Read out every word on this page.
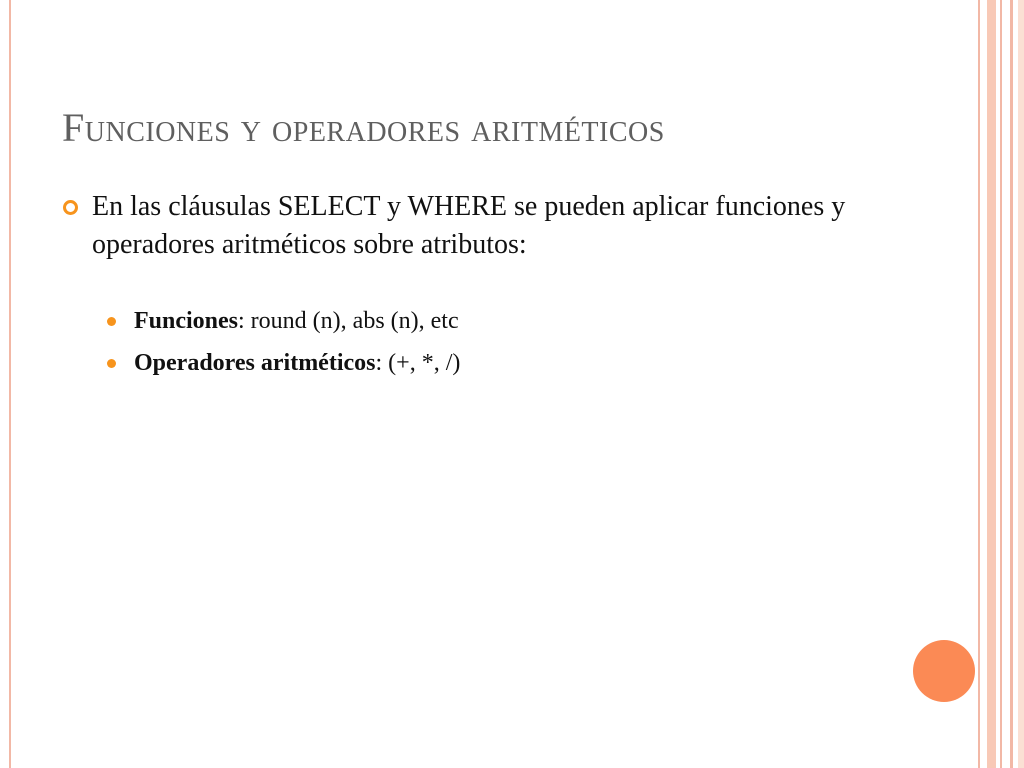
Funciones y operadores aritméticos
En las cláusulas SELECT y WHERE se pueden aplicar funciones y operadores aritméticos sobre atributos:
Funciones: round (n), abs (n), etc
Operadores aritméticos: (+, *, /)
